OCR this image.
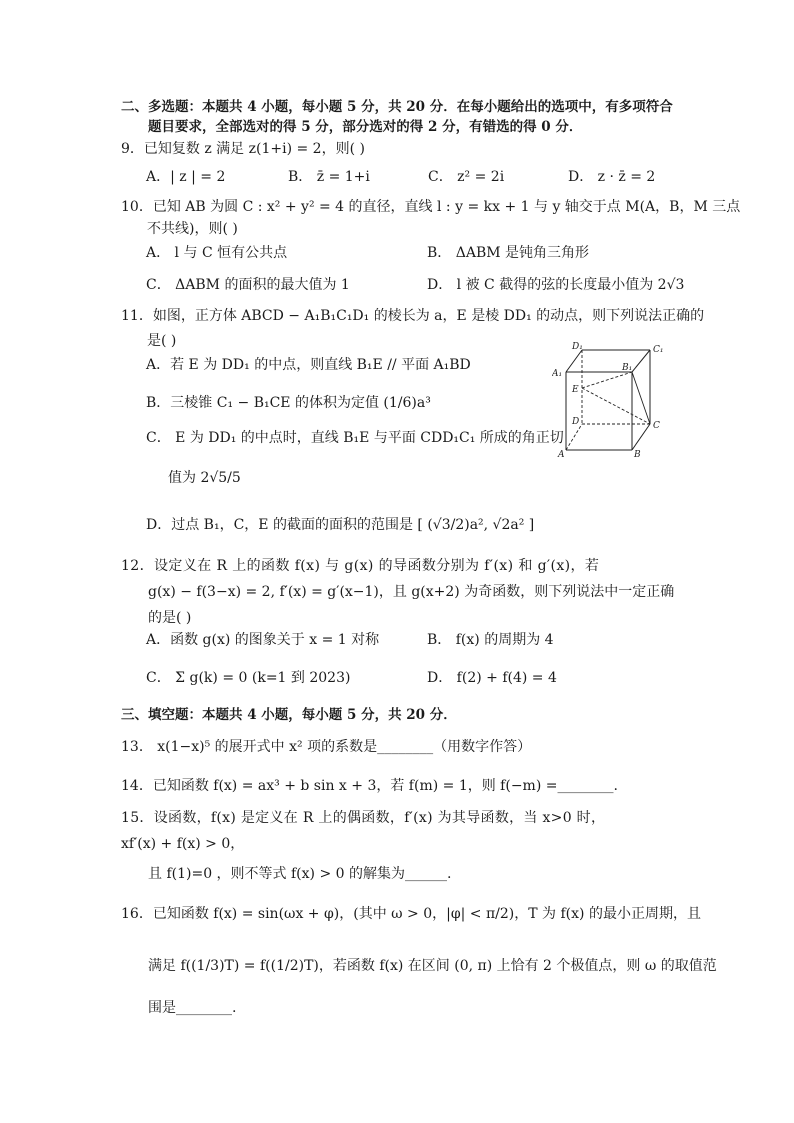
二、多选题：本题共 4 小题，每小题 5 分，共 20 分．在每小题给出的选项中，有多项符合
题目要求，全部选对的得 5 分，部分选对的得 2 分，有错选的得 0 分．
9．已知复数 z 满足 z(1+i) = 2，则( )
A．| z | = 2	B． z̄ = 1+i	C． z² = 2i	D． z · z̄ = 2
10．已知 AB 为圆 C : x² + y² = 4 的直径，直线 l : y = kx + 1 与 y 轴交于点 M(A，B，M 三点
不共线)，则( )
A． l 与 C 恒有公共点	B． ΔABM 是钝角三角形
C． ΔABM 的面积的最大值为 1	D． l 被 C 截得的弦的长度最小值为 2√3
11．如图，正方体 ABCD − A₁B₁C₁D₁ 的棱长为 a，E 是棱 DD₁ 的动点，则下列说法正确的
是( )
A．若 E 为 DD₁ 的中点，则直线 B₁E // 平面 A₁BD
B．三棱锥 C₁ − B₁CE 的体积为定值 (1/6)a³
C． E 为 DD₁ 的中点时，直线 B₁E 与平面 CDD₁C₁ 所成的角正切
值为 2√5/5
D．过点 B₁，C，E 的截面的面积的范围是 [ (√3/2)a², √2a² ]
D₁	C₁
A₁
B₁
E
D	C
A	B
12．设定义在 R 上的函数 f(x) 与 g(x) 的导函数分别为 f′(x) 和 g′(x)，若
g(x) − f(3−x) = 2, f′(x) = g′(x−1)，且 g(x+2) 为奇函数，则下列说法中一定正确
的是( )
A．函数 g(x) 的图象关于 x = 1 对称	B． f(x) 的周期为 4
C． Σ g(k) = 0 (k=1 到 2023)	D． f(2) + f(4) = 4
三、填空题：本题共 4 小题，每小题 5 分，共 20 分．
13． x(1−x)⁵ 的展开式中 x² 项的系数是________（用数字作答）
14．已知函数 f(x) = ax³ + b sin x + 3，若 f(m) = 1，则 f(−m) =________.
15．设函数，f(x) 是定义在 R 上的偶函数，f′(x) 为其导函数，当 x>0 时，
xf′(x) + f(x) > 0，
且 f(1)=0 ，则不等式 f(x) > 0 的解集为______.
16．已知函数 f(x) = sin(ωx + φ)，(其中 ω > 0，|φ| < π/2)，T 为 f(x) 的最小正周期，且
满足 f((1/3)T) = f((1/2)T)，若函数 f(x) 在区间 (0, π) 上恰有 2 个极值点，则 ω 的取值范
围是________.
